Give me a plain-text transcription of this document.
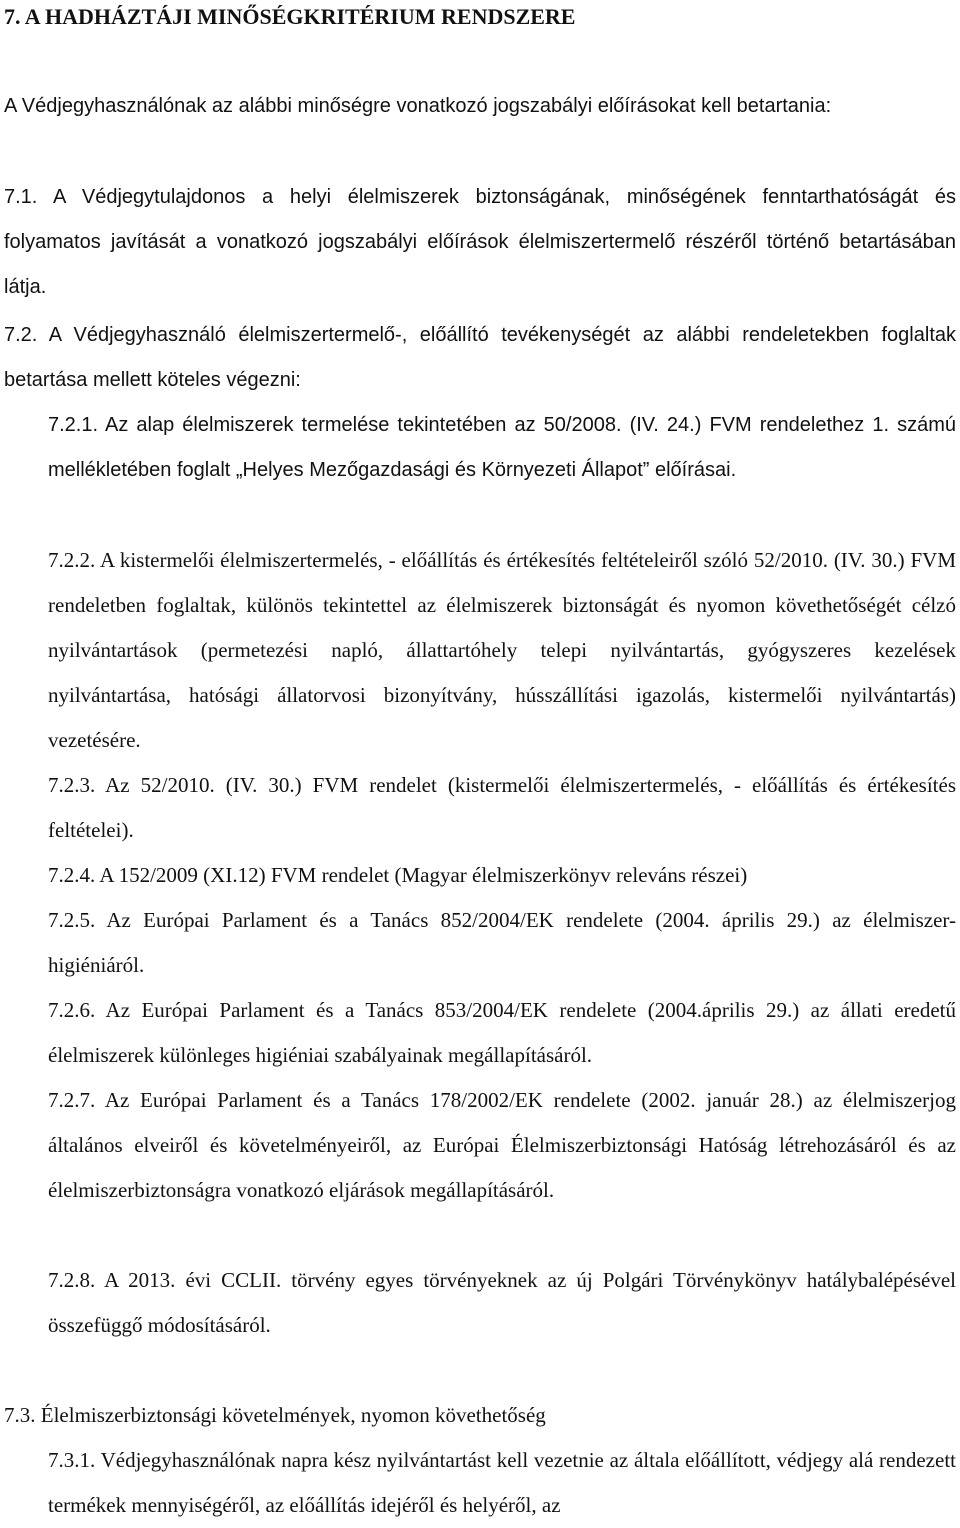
7. A HADHÁZTÁJI MINŐSÉGKRITÉRIUM RENDSZERE

A Védjegyhasználónak az alábbi minőségre vonatkozó jogszabályi előírásokat kell betartania:

7.1. A Védjegytulajdonos a helyi élelmiszerek biztonságának, minőségének fenntarthatóságát és folyamatos javítását a vonatkozó jogszabályi előírások élelmiszertermelő részéről történő betartásában látja.

7.2. A Védjegyhasználó élelmiszertermelő-, előállító tevékenységét az alábbi rendeletekben foglaltak betartása mellett köteles végezni:

7.2.1. Az alap élelmiszerek termelése tekintetében az 50/2008. (IV. 24.) FVM rendelethez 1. számú mellékletében foglalt „Helyes Mezőgazdasági és Környezeti Állapot” előírásai.

7.2.2. A kistermelői élelmiszertermelés, - előállítás és értékesítés feltételeiről szóló 52/2010. (IV. 30.) FVM rendeletben foglaltak, különös tekintettel az élelmiszerek biztonságát és nyomon követhetőségét célzó nyilvántartások (permetezési napló, állattartóhely telepi nyilvántartás, gyógyszeres kezelések nyilvántartása, hatósági állatorvosi bizonyítvány, hússzállítási igazolás, kistermelői nyilvántartás) vezetésére.

7.2.3. Az 52/2010. (IV. 30.) FVM rendelet (kistermelői élelmiszertermelés, - előállítás és értékesítés feltételei).

7.2.4. A 152/2009 (XI.12) FVM rendelet (Magyar élelmiszerkönyv releváns részei)

7.2.5. Az Európai Parlament és a Tanács 852/2004/EK rendelete (2004. április 29.) az élelmiszer-higiéniáról.

7.2.6. Az Európai Parlament és a Tanács 853/2004/EK rendelete (2004.április 29.) az állati eredetű élelmiszerek különleges higiéniai szabályainak megállapításáról.

7.2.7. Az Európai Parlament és a Tanács 178/2002/EK rendelete (2002. január 28.) az élelmiszerjog általános elveiről és követelményeiről, az Európai Élelmiszerbiztonsági Hatóság létrehozásáról és az élelmiszerbiztonságra vonatkozó eljárások megállapításáról.

7.2.8. A 2013. évi CCLII. törvény egyes törvényeknek az új Polgári Törvénykönyv hatálybalépésével összefüggő módosításáról.

7.3. Élelmiszerbiztonsági követelmények, nyomon követhetőség

7.3.1. Védjegyhasználónak napra kész nyilvántartást kell vezetnie az általa előállított, védjegy alá rendezett termékek mennyiségéről, az előállítás idejéről és helyéről, az
